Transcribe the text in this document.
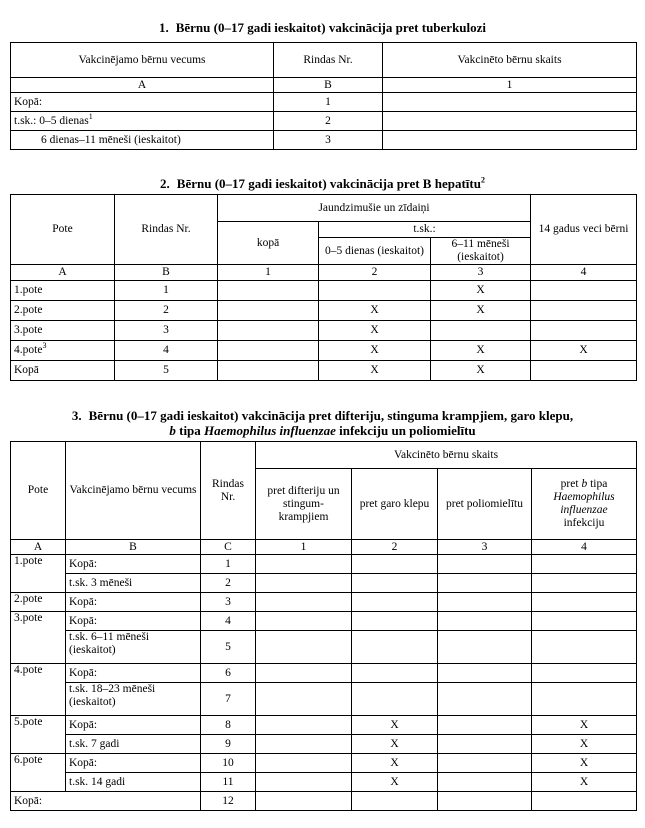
1. Bērnu (0–17 gadi ieskaitot) vakcinācija pret tuberkulozi
Vakcinējamo bērnu vecums	Rindas Nr.	Vakcinēto bērnu skaits
A	B	1
Kopā:	1	
t.sk.: 0–5 dienas$^1$	2	
6 dienas–11 mēneši (ieskaitot)	3	
2. Bērnu (0–17 gadi ieskaitot) vakcinācija pret B hepatītu$^2$
Pote	Rindas Nr.	Jaundzimušie un zīdaiņi			14 gadus veci bērni
		kopā	t.sk.:		
			0–5 dienas (ieskaitot)	6–11 mēneši (ieskaitot)	
A	B	1	2	3	4
1.pote	1			X	
2.pote	2		X	X	
3.pote	3		X		
4.pote$^3$	4		X	X	X
Kopā	5		X	X	
3. Bērnu (0–17 gadi ieskaitot) vakcinācija pret difteriju, stinguma krampjiem, garo klepu,
b tipa Haemophilus influenzae infekciju un poliomielītu
Pote	Vakcinējamo bērnu vecums	Rindas Nr.	Vakcinēto bērnu skaits			
			pret difteriju un stingum-krampjiem	pret garo klepu	pret poliomielītu	pret b tipa
Haemophilus influenzae
infekciju
A	B	C	1	2	3	4
1.pote	Kopā:	1				
	t.sk. 3 mēneši	2				
2.pote	Kopā:	3				
3.pote	Kopā:	4				
	t.sk. 6–11 mēneši (ieskaitot)	5				
4.pote	Kopā:	6				
	t.sk. 18–23 mēneši (ieskaitot)	7				
5.pote	Kopā:	8		X		X
	t.sk. 7 gadi	9		X		X
6.pote	Kopā:	10		X		X
	t.sk. 14 gadi	11		X		X
Kopā:		12				
